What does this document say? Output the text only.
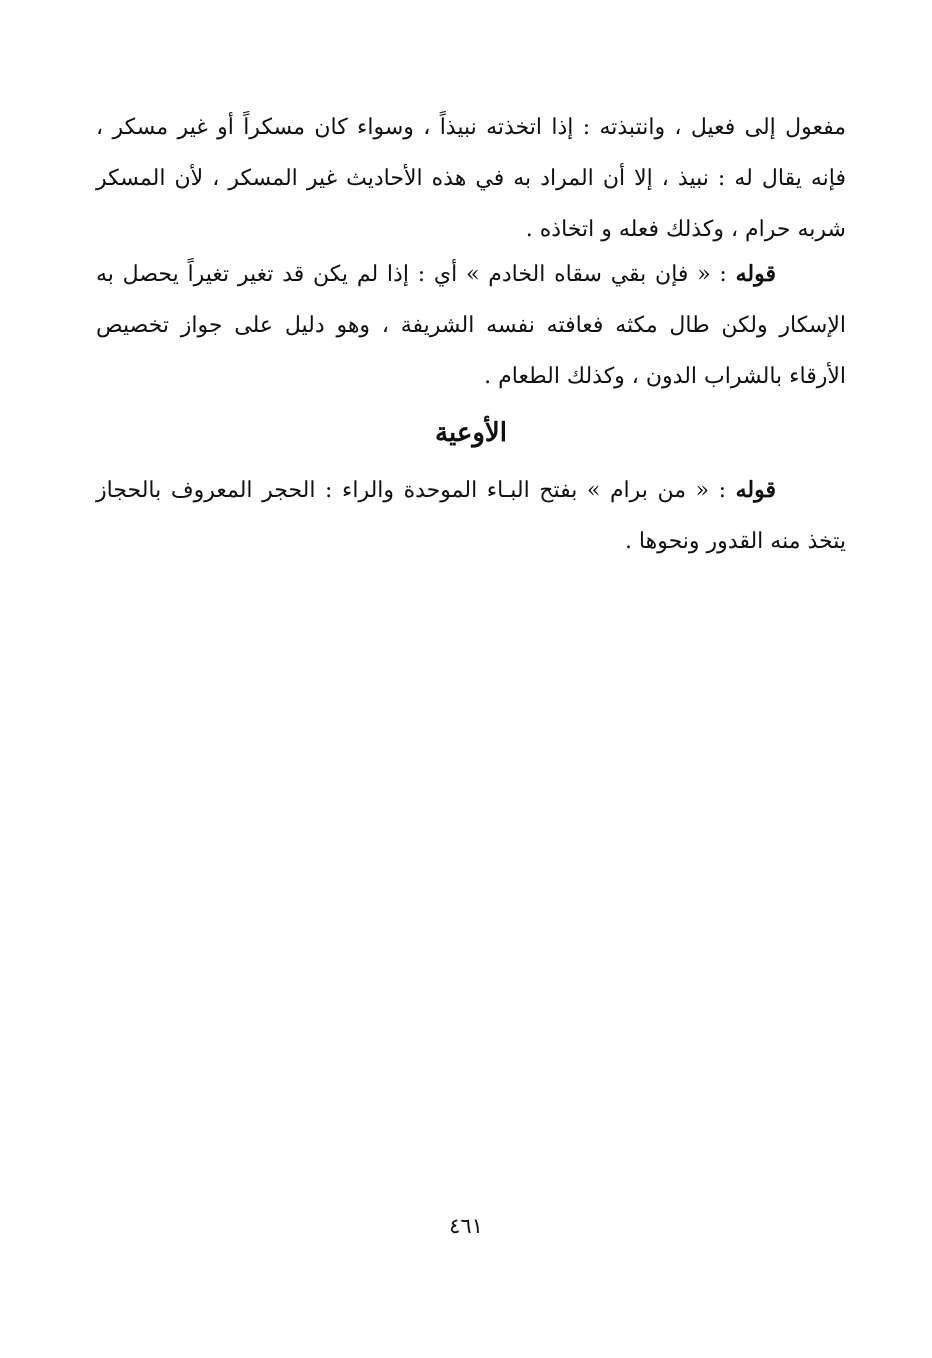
مفعول إلى فعيل ، وانتبذته : إذا اتخذته نبيذاً ، وسواء كان مسكراً أو غير مسكر ،
فإنه يقال له : نبيذ ، إلا أن المراد به في هذه الأحاديث غير المسكر ، لأن المسكر
شربه حرام ، وكذلك فعله و اتخاذه .
قوله : « فإن بقي سقاه الخادم » أي : إذا لم يكن قد تغير تغيراً يحصل به
الإسكار ولكن طال مكثه فعافته نفسه الشريفة ، وهو دليل على جواز تخصيص
الأرقاء بالشراب الدون ، وكذلك الطعام .
الأوعية
قوله : « من برام » بفتح البـاء الموحدة والراء : الحجر المعروف بالحجاز
يتخذ منه القدور ونحوها .
٤٦١
